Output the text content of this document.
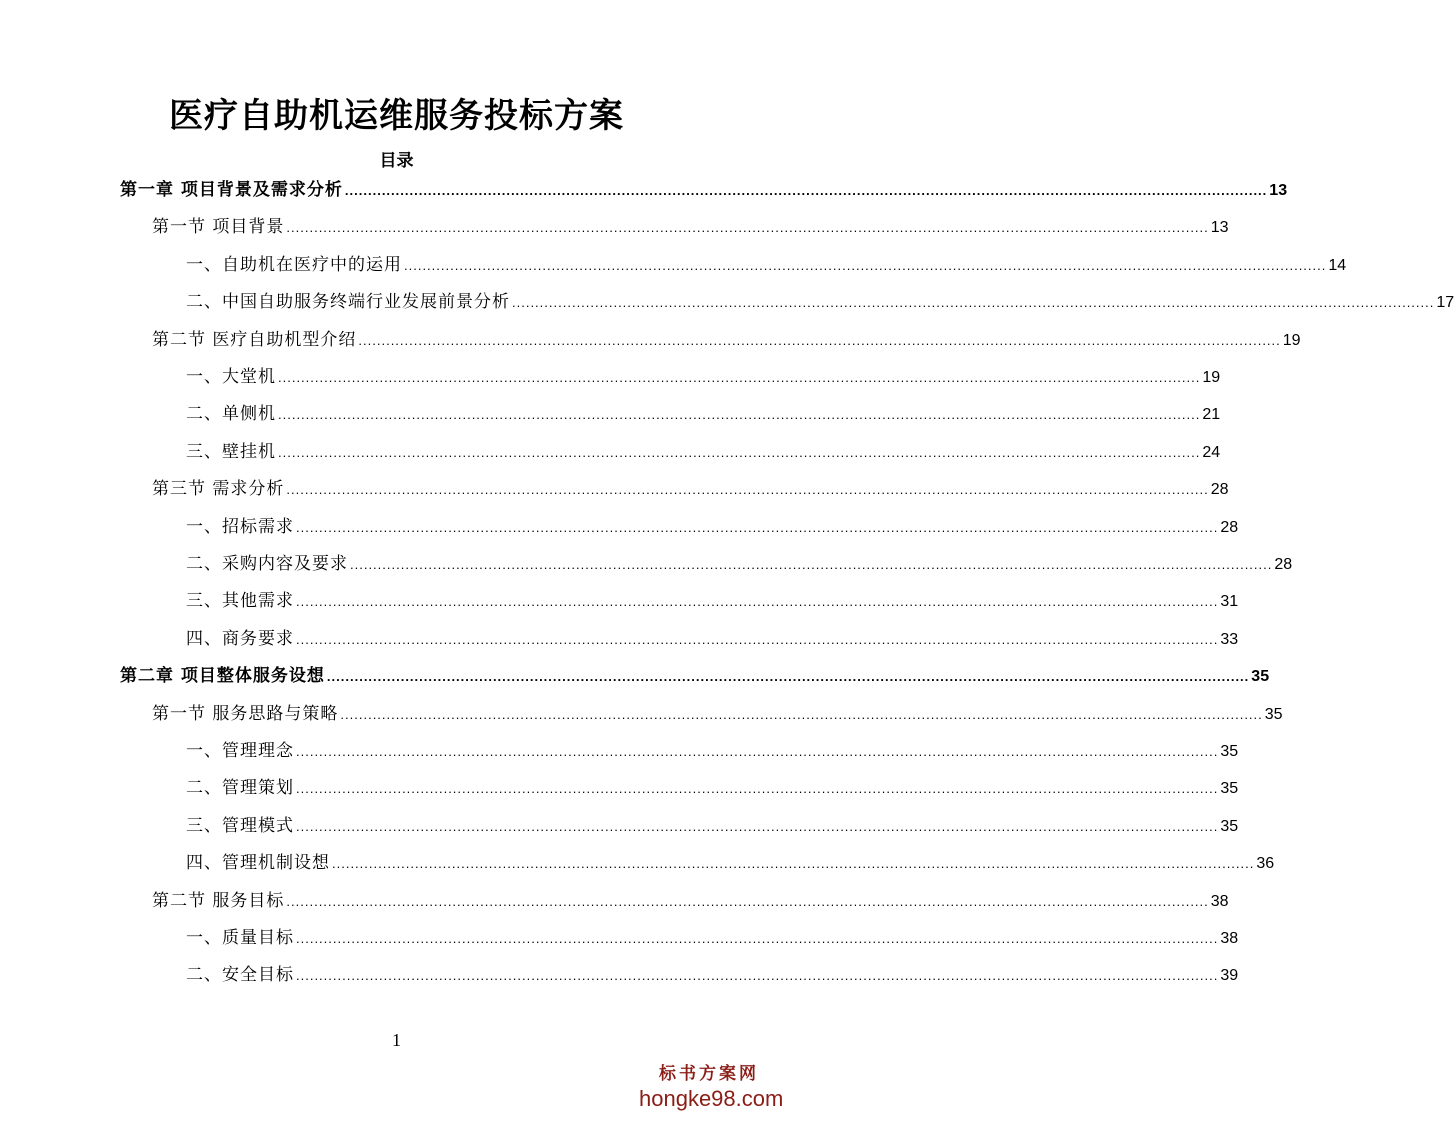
医疗自助机运维服务投标方案
目录
第一章 项目背景及需求分析 ........................................................................................................................................................................................................ 13
第一节 项目背景 ........................................................................................................................................................................................................ 13
一、自助机在医疗中的运用 ........................................................................................................................................................................................................ 14
二、中国自助服务终端行业发展前景分析 ........................................................................................................................................................................................................ 17
第二节 医疗自助机型介绍 ........................................................................................................................................................................................................ 19
一、大堂机 ........................................................................................................................................................................................................ 19
二、单侧机 ........................................................................................................................................................................................................ 21
三、壁挂机 ........................................................................................................................................................................................................ 24
第三节 需求分析 ........................................................................................................................................................................................................ 28
一、招标需求 ........................................................................................................................................................................................................ 28
二、采购内容及要求 ........................................................................................................................................................................................................ 28
三、其他需求 ........................................................................................................................................................................................................ 31
四、商务要求 ........................................................................................................................................................................................................ 33
第二章 项目整体服务设想 ........................................................................................................................................................................................................ 35
第一节 服务思路与策略 ........................................................................................................................................................................................................ 35
一、管理理念 ........................................................................................................................................................................................................ 35
二、管理策划 ........................................................................................................................................................................................................ 35
三、管理模式 ........................................................................................................................................................................................................ 35
四、管理机制设想 ........................................................................................................................................................................................................ 36
第二节 服务目标 ........................................................................................................................................................................................................ 38
一、质量目标 ........................................................................................................................................................................................................ 38
二、安全目标 ........................................................................................................................................................................................................ 39
1
标书方案网
hongke98.com
